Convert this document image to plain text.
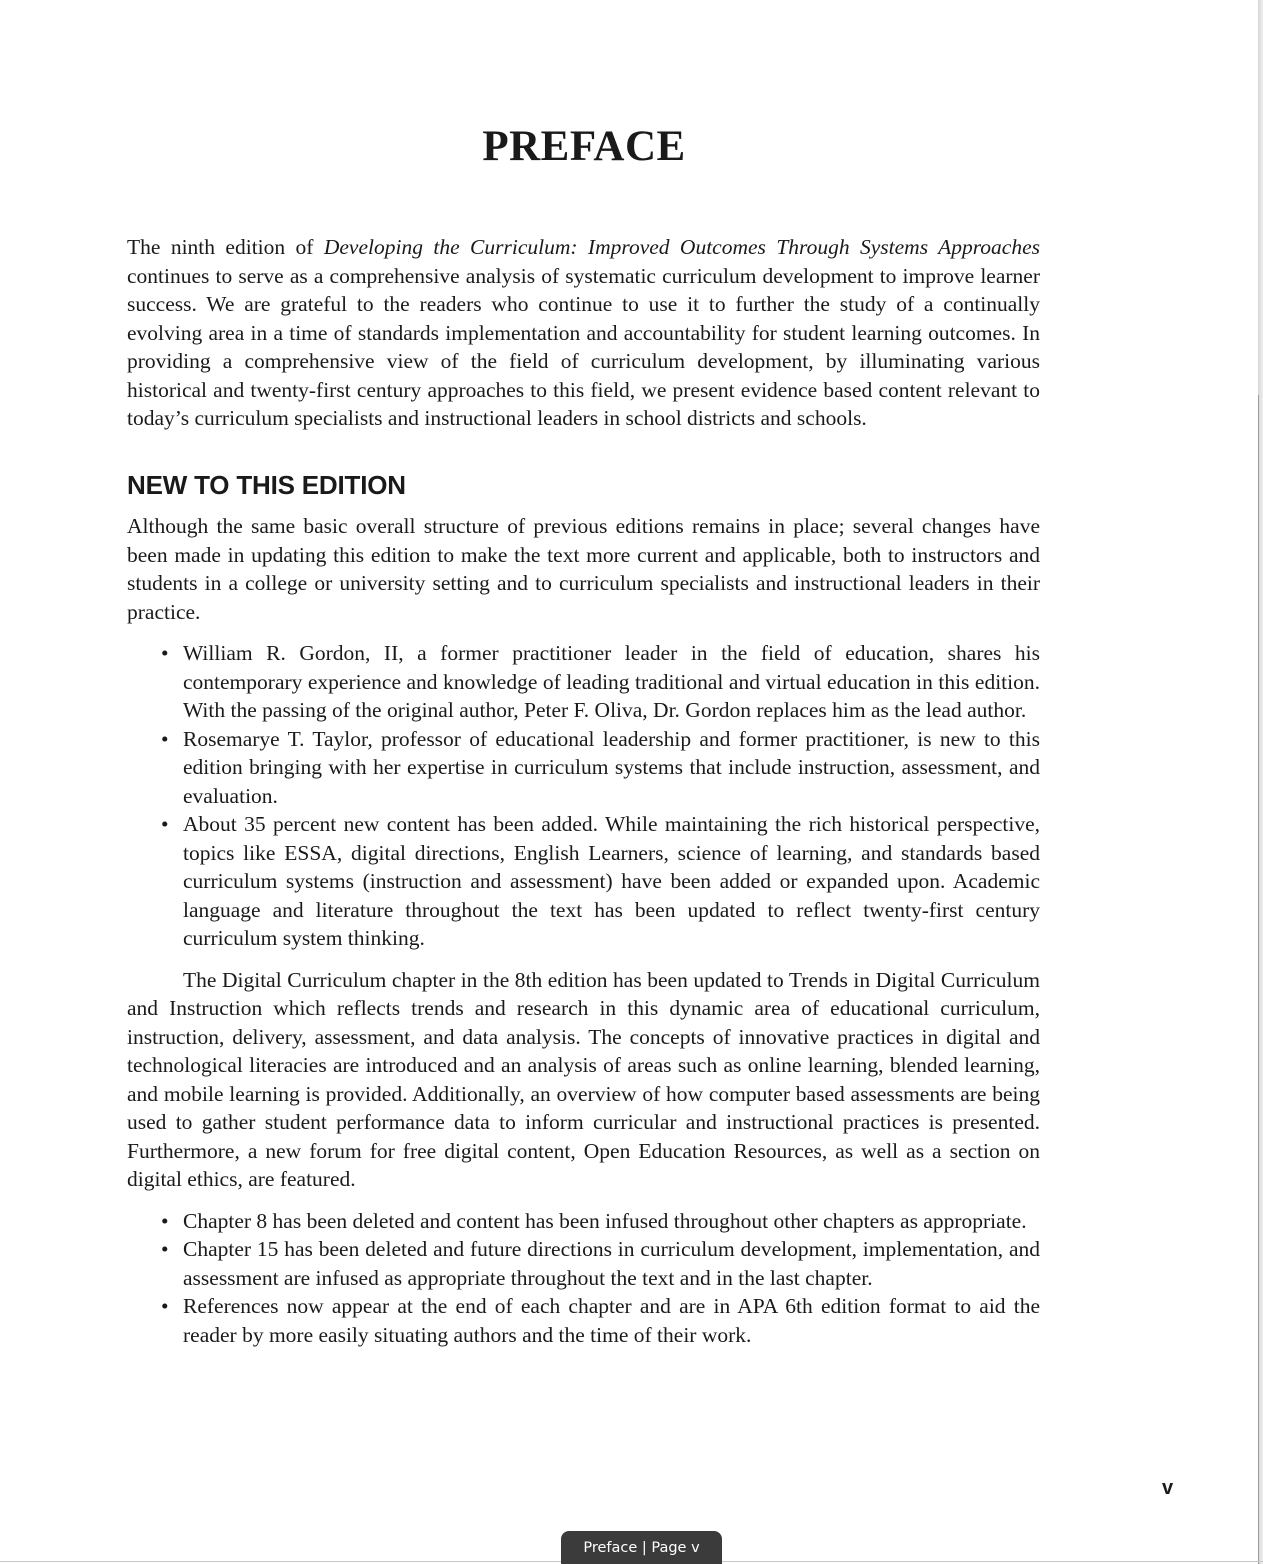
PREFACE

The ninth edition of Developing the Curriculum: Improved Outcomes Through Systems Approaches continues to serve as a comprehensive analysis of systematic curriculum development to improve learner success. We are grateful to the readers who continue to use it to further the study of a continually evolving area in a time of standards implementation and accountability for student learning outcomes. In providing a comprehensive view of the field of curriculum development, by illuminating various historical and twenty-first century approaches to this field, we present evidence based content relevant to today’s curriculum specialists and instructional leaders in school districts and schools.

NEW TO THIS EDITION

Although the same basic overall structure of previous editions remains in place; several changes have been made in updating this edition to make the text more current and applicable, both to instructors and students in a college or university setting and to curriculum specialists and instructional leaders in their practice.

• William R. Gordon, II, a former practitioner leader in the field of education, shares his contemporary experience and knowledge of leading traditional and virtual education in this edition. With the passing of the original author, Peter F. Oliva, Dr. Gordon replaces him as the lead author.
• Rosemarye T. Taylor, professor of educational leadership and former practitioner, is new to this edition bringing with her expertise in curriculum systems that include instruction, assessment, and evaluation.
• About 35 percent new content has been added. While maintaining the rich historical perspective, topics like ESSA, digital directions, English Learners, science of learning, and standards based curriculum systems (instruction and assessment) have been added or expanded upon. Academic language and literature throughout the text has been updated to reflect twenty-first century curriculum system thinking.

The Digital Curriculum chapter in the 8th edition has been updated to Trends in Digital Curriculum and Instruction which reflects trends and research in this dynamic area of educational curriculum, instruction, delivery, assessment, and data analysis. The concepts of innovative practices in digital and technological literacies are introduced and an analysis of areas such as online learning, blended learning, and mobile learning is provided. Additionally, an overview of how computer based assessments are being used to gather student performance data to inform curricular and instructional practices is presented. Furthermore, a new forum for free digital content, Open Education Resources, as well as a section on digital ethics, are featured.

• Chapter 8 has been deleted and content has been infused throughout other chapters as appropriate.
• Chapter 15 has been deleted and future directions in curriculum development, implementation, and assessment are infused as appropriate throughout the text and in the last chapter.
• References now appear at the end of each chapter and are in APA 6th edition format to aid the reader by more easily situating authors and the time of their work.
v
Preface | Page v
